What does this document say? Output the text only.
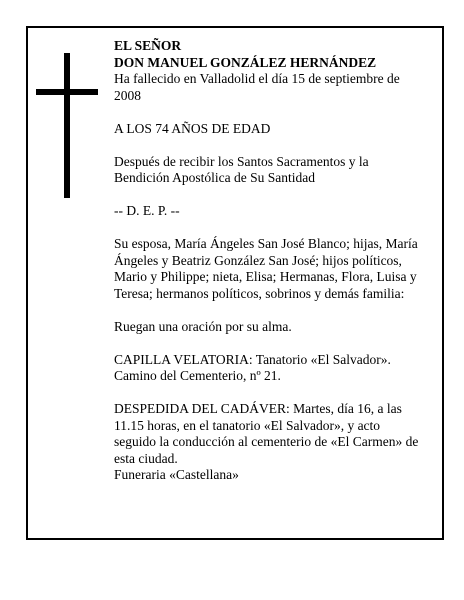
EL SEÑOR

DON MANUEL GONZÁLEZ HERNÁNDEZ

Ha fallecido en Valladolid el día 15 de septiembre de 2008

A LOS 74 AÑOS DE EDAD

Después de recibir los Santos Sacramentos y la Bendición Apostólica de Su Santidad

-- D. E. P. --

Su esposa, María Ángeles San José Blanco; hijas, María Ángeles y Beatriz González San José; hijos políticos, Mario y Philippe; nieta, Elisa; Hermanas, Flora, Luisa y Teresa; hermanos políticos, sobrinos y demás familia:

Ruegan una oración por su alma.

CAPILLA VELATORIA: Tanatorio «El Salvador».

Camino del Cementerio, nº 21.

DESPEDIDA DEL CADÁVER: Martes, día 16, a las 11.15 horas, en el tanatorio «El Salvador», y acto seguido la conducción al cementerio de «El Carmen» de esta ciudad.

Funeraria «Castellana»
